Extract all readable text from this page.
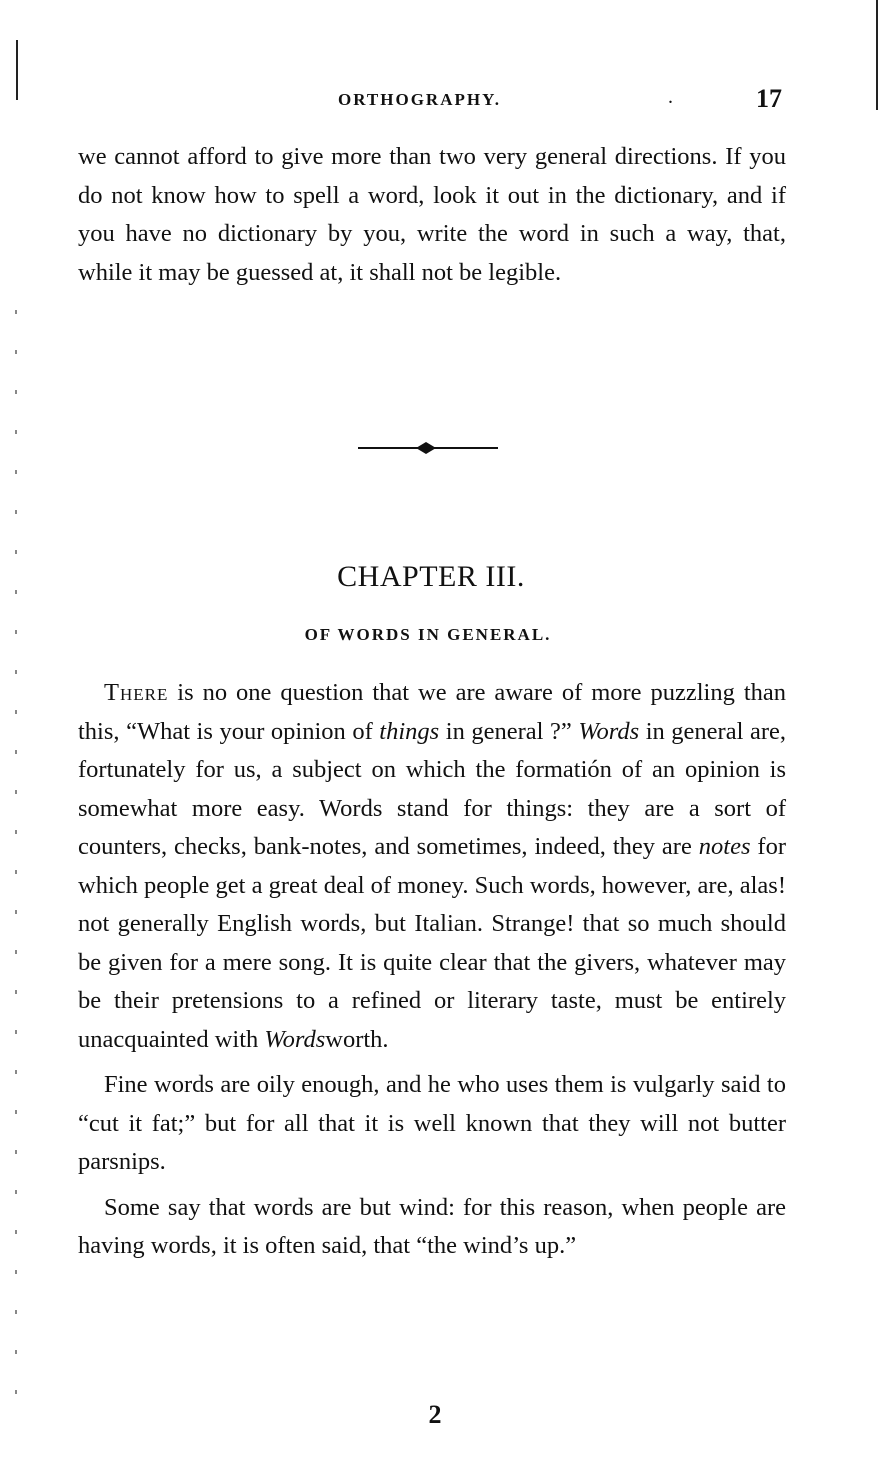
ORTHOGRAPHY.	.	17

we cannot afford to give more than two very general directions. If you do not know how to spell a word, look it out in the dictionary, and if you have no dictionary by you, write the word in such a way, that, while it may be guessed at, it shall not be legible.

CHAPTER III.
OF WORDS IN GENERAL.

There is no one question that we are aware of more puzzling than this, “What is your opinion of things in general ?” Words in general are, fortunately for us, a subject on which the formatión of an opinion is somewhat more easy. Words stand for things: they are a sort of counters, checks, bank-notes, and sometimes, indeed, they are notes for which people get a great deal of money. Such words, however, are, alas! not generally English words, but Italian. Strange! that so much should be given for a mere song. It is quite clear that the givers, whatever may be their pretensions to a refined or literary taste, must be entirely unacquainted with Wordsworth.

Fine words are oily enough, and he who uses them is vulgarly said to “cut it fat;” but for all that it is well known that they will not butter parsnips.

Some say that words are but wind: for this reason, when people are having words, it is often said, that “the wind’s up.”

2
